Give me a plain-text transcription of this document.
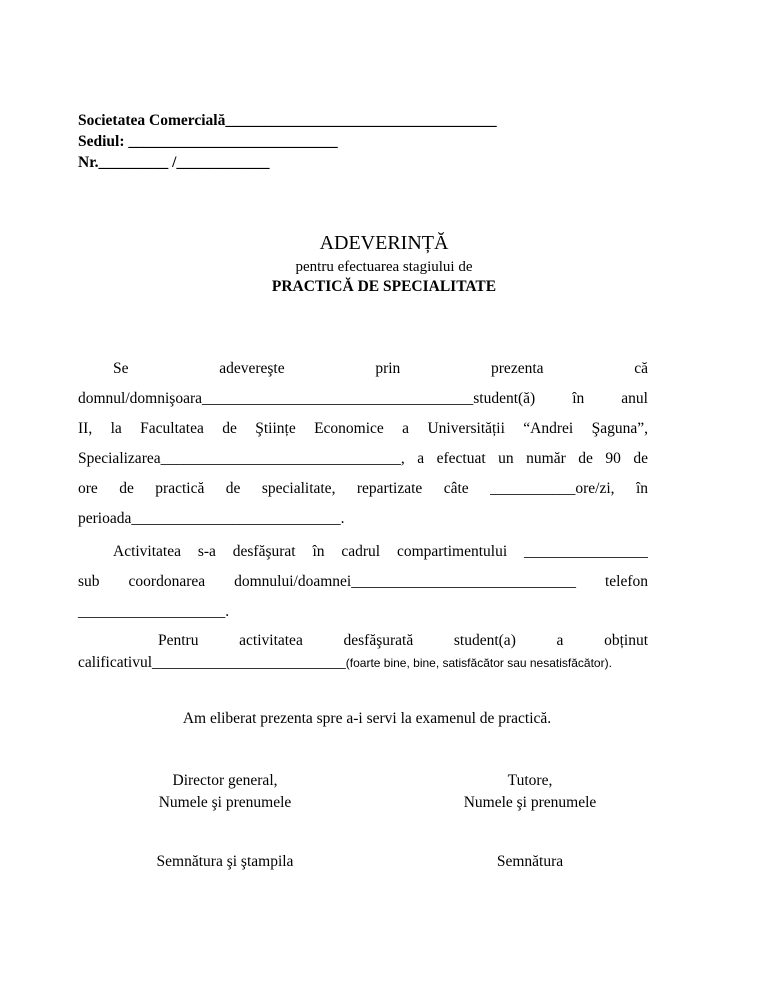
Societatea Comercială___________________________________
Sediul: ___________________________
Nr._________ /____________
ADEVERINȚĂ
pentru efectuarea stagiului de
PRACTICĂ DE SPECIALITATE
Se adevereşte prin prezenta că
domnul/domnişoara___________________________________student(ă) în anul
II, la Facultatea de Ştiințe Economice a Universității “Andrei Şaguna”,
Specializarea_______________________________, a efectuat un număr de 90 de
ore de practică de specialitate, repartizate câte ___________ore/zi, în
perioada___________________________.
Activitatea s-a desfăşurat în cadrul compartimentului ________________
sub coordonarea domnului/doamnei_____________________________ telefon
___________________.
Pentru activitatea desfăşurată student(a) a obținut
calificativul_________________________(foarte bine, bine, satisfăcător sau nesatisfăcător).
Am eliberat prezenta spre a-i servi la examenul de practică.
Director general,
Numele şi prenumele
Tutore,
Numele şi prenumele
Semnătura şi ştampila	Semnătura
